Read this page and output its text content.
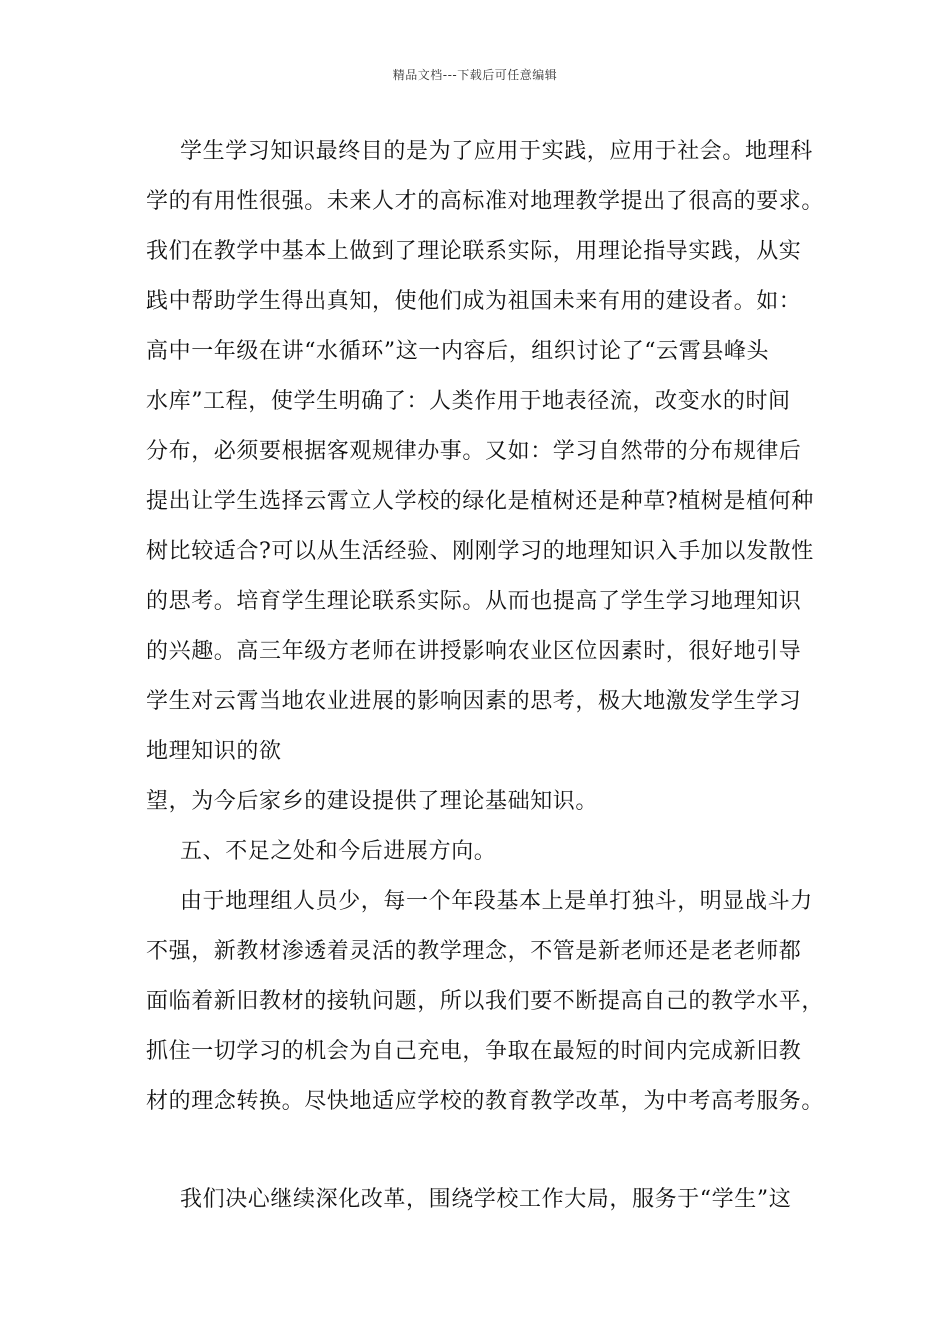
精品文档---下载后可任意编辑
学生学习知识最终目的是为了应用于实践，应用于社会。地理科
学的有用性很强。未来人才的高标准对地理教学提出了很高的要求。
我们在教学中基本上做到了理论联系实际，用理论指导实践，从实
践中帮助学生得出真知，使他们成为祖国未来有用的建设者。如：
高中一年级在讲“水循环”这一内容后，组织讨论了“云霄县峰头
水库”工程，使学生明确了：人类作用于地表径流，改变水的时间
分布，必须要根据客观规律办事。又如：学习自然带的分布规律后
提出让学生选择云霄立人学校的绿化是植树还是种草?植树是植何种
树比较适合?可以从生活经验、刚刚学习的地理知识入手加以发散性
的思考。培育学生理论联系实际。从而也提高了学生学习地理知识
的兴趣。高三年级方老师在讲授影响农业区位因素时，很好地引导
学生对云霄当地农业进展的影响因素的思考，极大地激发学生学习
地理知识的欲
望，为今后家乡的建设提供了理论基础知识。
五、不足之处和今后进展方向。
由于地理组人员少，每一个年段基本上是单打独斗，明显战斗力
不强，新教材渗透着灵活的教学理念，不管是新老师还是老老师都
面临着新旧教材的接轨问题，所以我们要不断提高自己的教学水平，
抓住一切学习的机会为自己充电，争取在最短的时间内完成新旧教
材的理念转换。尽快地适应学校的教育教学改革，为中考高考服务。
我们决心继续深化改革，围绕学校工作大局，服务于“学生”这
